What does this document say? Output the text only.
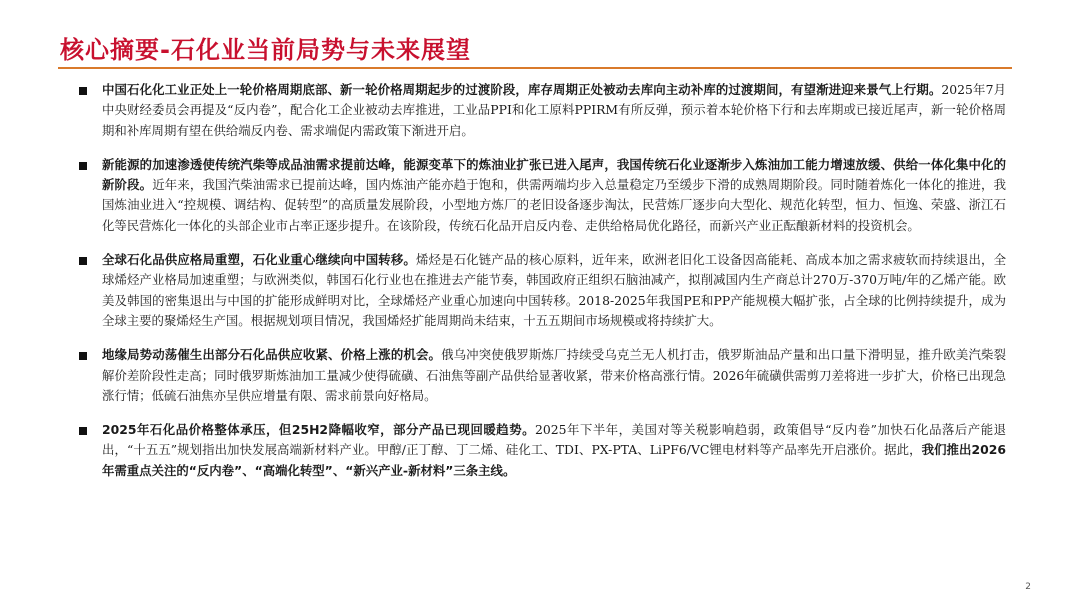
核心摘要-石化业当前局势与未来展望
中国石化化工业正处上一轮价格周期底部、新一轮价格周期起步的过渡阶段，库存周期正处被动去库向主动补库的过渡期间，有望渐进迎来景气上行期。2025年7月中央财经委员会再提及“反内卷”，配合化工企业被动去库推进，工业品PPI和化工原料PPIRM有所反弹，预示着本轮价格下行和去库期或已接近尾声，新一轮价格周期和补库周期有望在供给端反内卷、需求端促内需政策下渐进开启。
新能源的加速渗透使传统汽柴等成品油需求提前达峰，能源变革下的炼油业扩张已进入尾声，我国传统石化业逐渐步入炼油加工能力增速放缓、供给一体化集中化的新阶段。近年来，我国汽柴油需求已提前达峰，国内炼油产能亦趋于饱和，供需两端均步入总量稳定乃至缓步下滑的成熟周期阶段。同时随着炼化一体化的推进，我国炼油业进入“控规模、调结构、促转型”的高质量发展阶段，小型地方炼厂的老旧设备逐步淘汰，民营炼厂逐步向大型化、规范化转型，恒力、恒逸、荣盛、浙江石化等民营炼化一体化的头部企业市占率正逐步提升。在该阶段，传统石化品开启反内卷、走供给格局优化路径，而新兴产业正酝酿新材料的投资机会。
全球石化品供应格局重塑，石化业重心继续向中国转移。烯烃是石化链产品的核心原料，近年来，欧洲老旧化工设备因高能耗、高成本加之需求疲软而持续退出，全球烯烃产业格局加速重塑；与欧洲类似，韩国石化行业也在推进去产能节奏，韩国政府正组织石脑油减产，拟削减国内生产商总计270万-370万吨/年的乙烯产能。欧美及韩国的密集退出与中国的扩能形成鲜明对比，全球烯烃产业重心加速向中国转移。2018-2025年我国PE和PP产能规模大幅扩张，占全球的比例持续提升，成为全球主要的聚烯烃生产国。根据规划项目情况，我国烯烃扩能周期尚未结束，十五五期间市场规模或将持续扩大。
地缘局势动荡催生出部分石化品供应收紧、价格上涨的机会。俄乌冲突使俄罗斯炼厂持续受乌克兰无人机打击，俄罗斯油品产量和出口量下滑明显，推升欧美汽柴裂解价差阶段性走高；同时俄罗斯炼油加工量减少使得硫磺、石油焦等副产品供给显著收紧，带来价格高涨行情。2026年硫磺供需剪刀差将进一步扩大，价格已出现急涨行情；低硫石油焦亦呈供应增量有限、需求前景向好格局。
2025年石化品价格整体承压，但25H2降幅收窄，部分产品已现回暖趋势。2025年下半年，美国对等关税影响趋弱，政策倡导“反内卷”加快石化品落后产能退出，“十五五”规划指出加快发展高端新材料产业。甲醇/正丁醇、丁二烯、硅化工、TDI、PX-PTA、LiPF6/VC锂电材料等产品率先开启涨价。据此，我们推出2026年需重点关注的“反内卷”、“高端化转型”、“新兴产业-新材料”三条主线。
2
